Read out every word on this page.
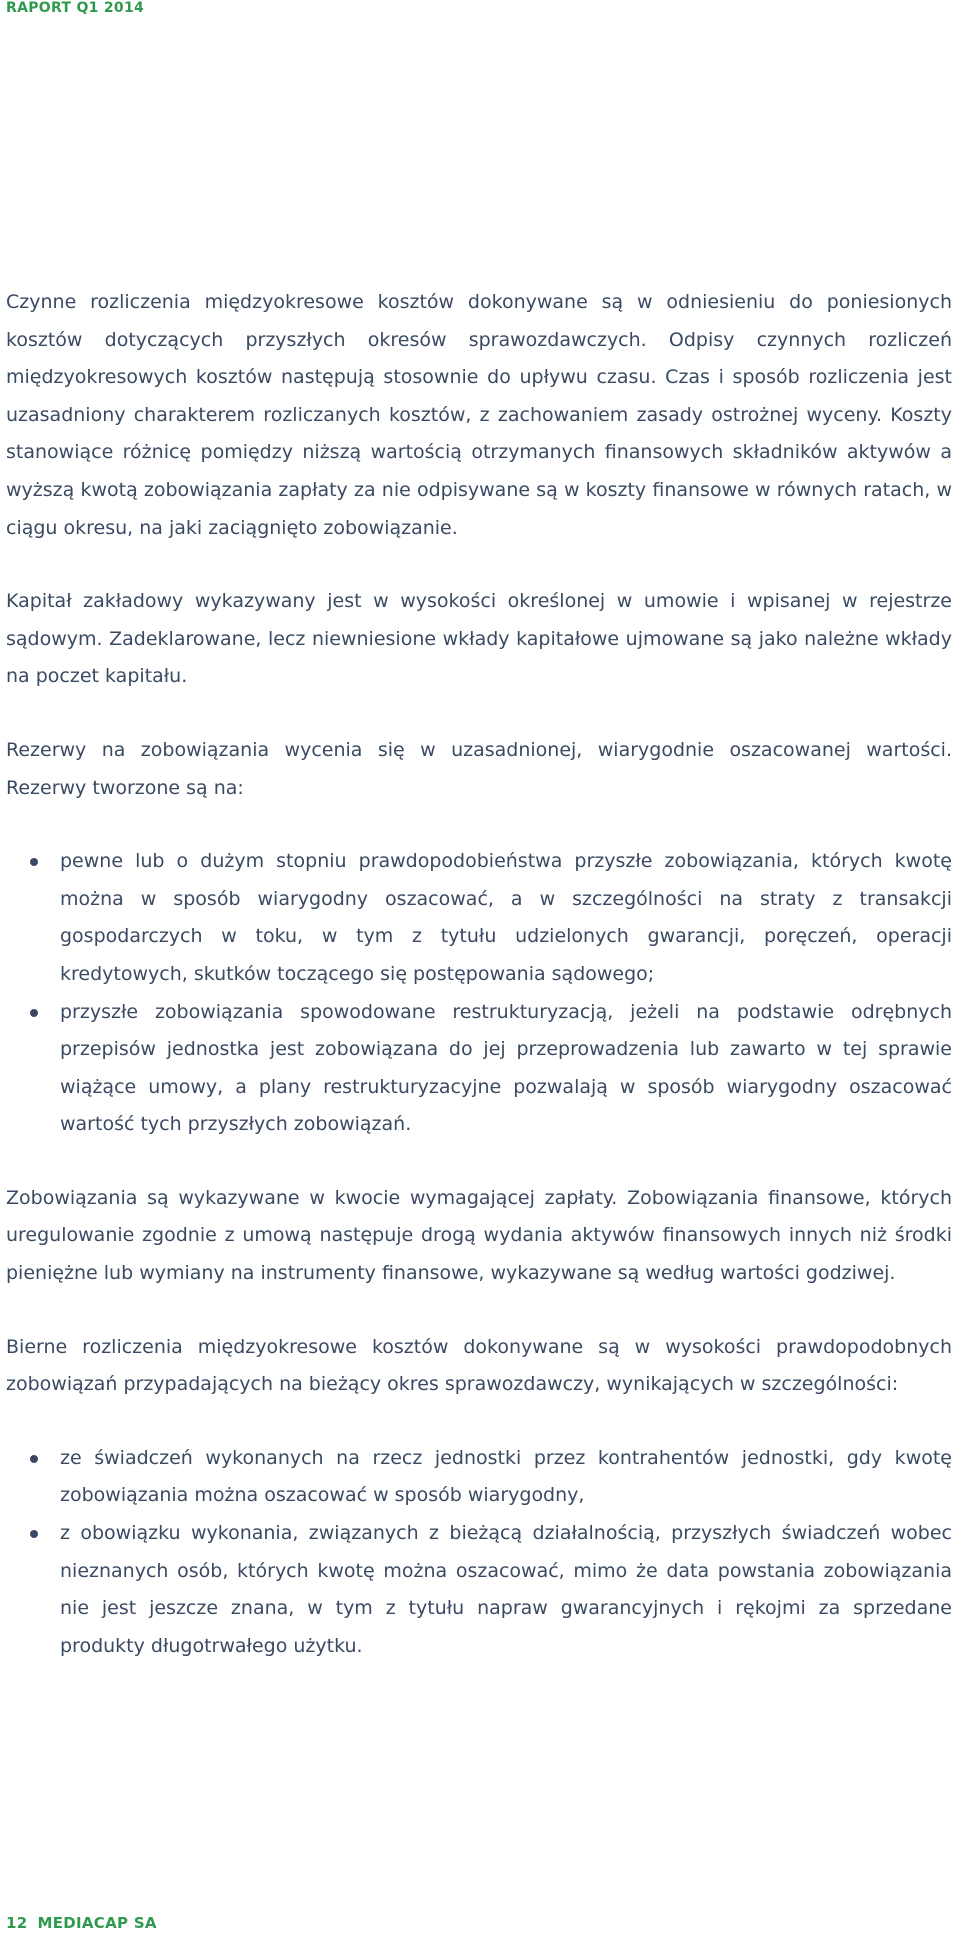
RAPORT Q1 2014

Czynne rozliczenia międzyokresowe kosztów dokonywane są w odniesieniu do poniesionych kosztów dotyczących przyszłych okresów sprawozdawczych. Odpisy czynnych rozliczeń międzyokresowych kosztów następują stosownie do upływu czasu. Czas i sposób rozliczenia jest uzasadniony charakterem rozliczanych kosztów, z zachowaniem zasady ostrożnej wyceny. Koszty stanowiące różnicę pomiędzy niższą wartością otrzymanych finansowych składników aktywów a wyższą kwotą zobowiązania zapłaty za nie odpisywane są w koszty finansowe w równych ratach, w ciągu okresu, na jaki zaciągnięto zobowiązanie.

Kapitał zakładowy wykazywany jest w wysokości określonej w umowie i wpisanej w rejestrze sądowym. Zadeklarowane, lecz niewniesione wkłady kapitałowe ujmowane są jako należne wkłady na poczet kapitału.

Rezerwy na zobowiązania wycenia się w uzasadnionej, wiarygodnie oszacowanej wartości. Rezerwy tworzone są na:

pewne lub o dużym stopniu prawdopodobieństwa przyszłe zobowiązania, których kwotę można w sposób wiarygodny oszacować, a w szczególności na straty z transakcji gospodarczych w toku, w tym z tytułu udzielonych gwarancji, poręczeń, operacji kredytowych, skutków toczącego się postępowania sądowego;
przyszłe zobowiązania spowodowane restrukturyzacją, jeżeli na podstawie odrębnych przepisów jednostka jest zobowiązana do jej przeprowadzenia lub zawarto w tej sprawie wiążące umowy, a plany restrukturyzacyjne pozwalają w sposób wiarygodny oszacować wartość tych przyszłych zobowiązań.

Zobowiązania są wykazywane w kwocie wymagającej zapłaty. Zobowiązania finansowe, których uregulowanie zgodnie z umową następuje drogą wydania aktywów finansowych innych niż środki pieniężne lub wymiany na instrumenty finansowe, wykazywane są według wartości godziwej.

Bierne rozliczenia międzyokresowe kosztów dokonywane są w wysokości prawdopodobnych zobowiązań przypadających na bieżący okres sprawozdawczy, wynikających w szczególności:

ze świadczeń wykonanych na rzecz jednostki przez kontrahentów jednostki, gdy kwotę zobowiązania można oszacować w sposób wiarygodny,
z obowiązku wykonania, związanych z bieżącą działalnością, przyszłych świadczeń wobec nieznanych osób, których kwotę można oszacować, mimo że data powstania zobowiązania nie jest jeszcze znana, w tym z tytułu napraw gwarancyjnych i rękojmi za sprzedane produkty długotrwałego użytku.
12 MEDIACAP SA
